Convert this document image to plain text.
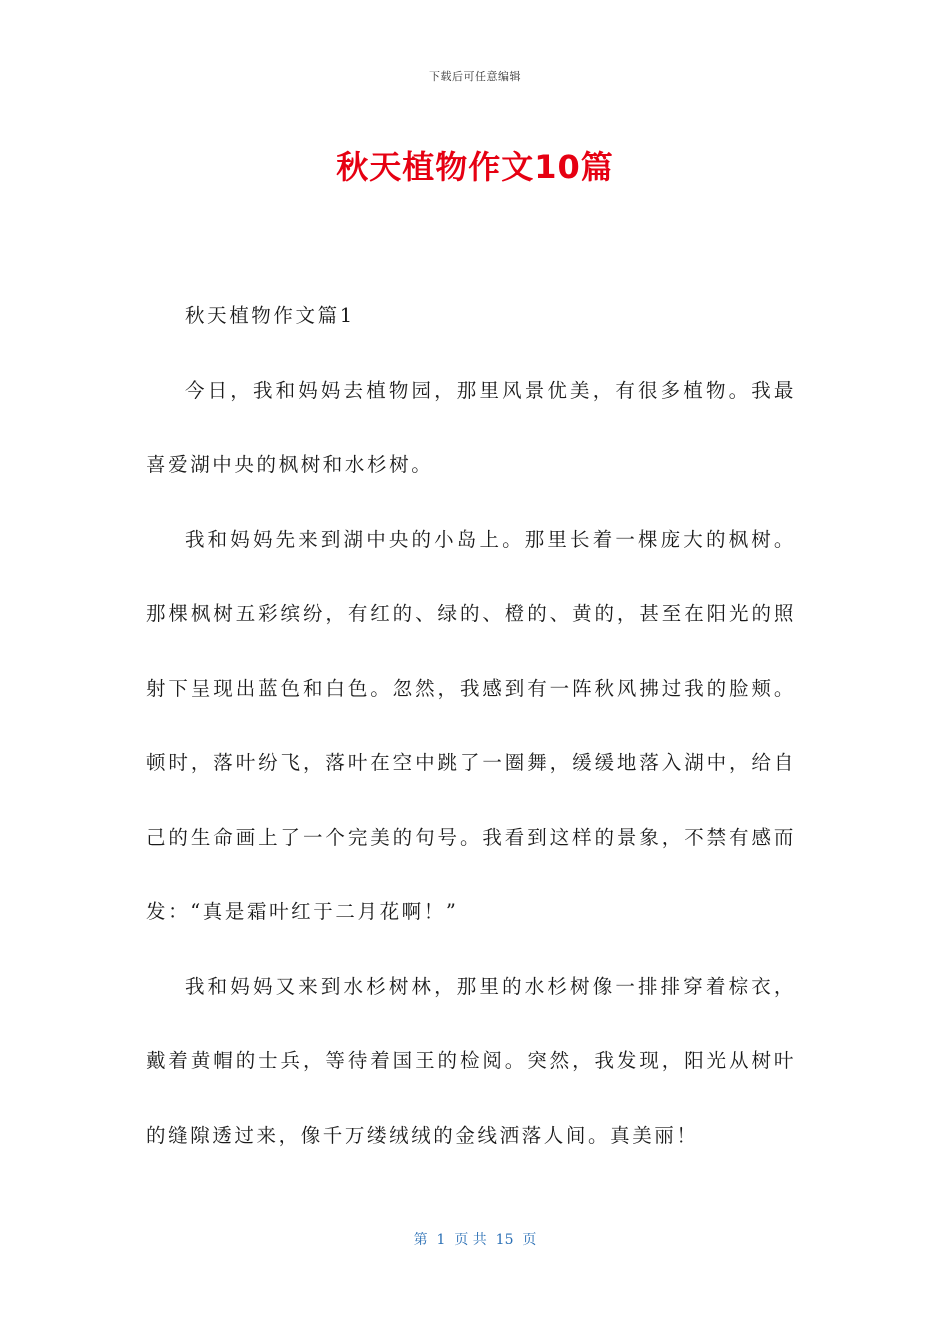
下载后可任意编辑
秋天植物作文10篇

秋天植物作文篇1

今日，我和妈妈去植物园，那里风景优美，有很多植物。我最喜爱湖中央的枫树和水杉树。

我和妈妈先来到湖中央的小岛上。那里长着一棵庞大的枫树。那棵枫树五彩缤纷，有红的、绿的、橙的、黄的，甚至在阳光的照射下呈现出蓝色和白色。忽然，我感到有一阵秋风拂过我的脸颊。顿时，落叶纷飞，落叶在空中跳了一圈舞，缓缓地落入湖中，给自己的生命画上了一个完美的句号。我看到这样的景象，不禁有感而发：“真是霜叶红于二月花啊！”

我和妈妈又来到水杉树林，那里的水杉树像一排排穿着棕衣，戴着黄帽的士兵，等待着国王的检阅。突然，我发现，阳光从树叶的缝隙透过来，像千万缕绒绒的金线洒落人间。真美丽！

第  1  页 共  15  页
